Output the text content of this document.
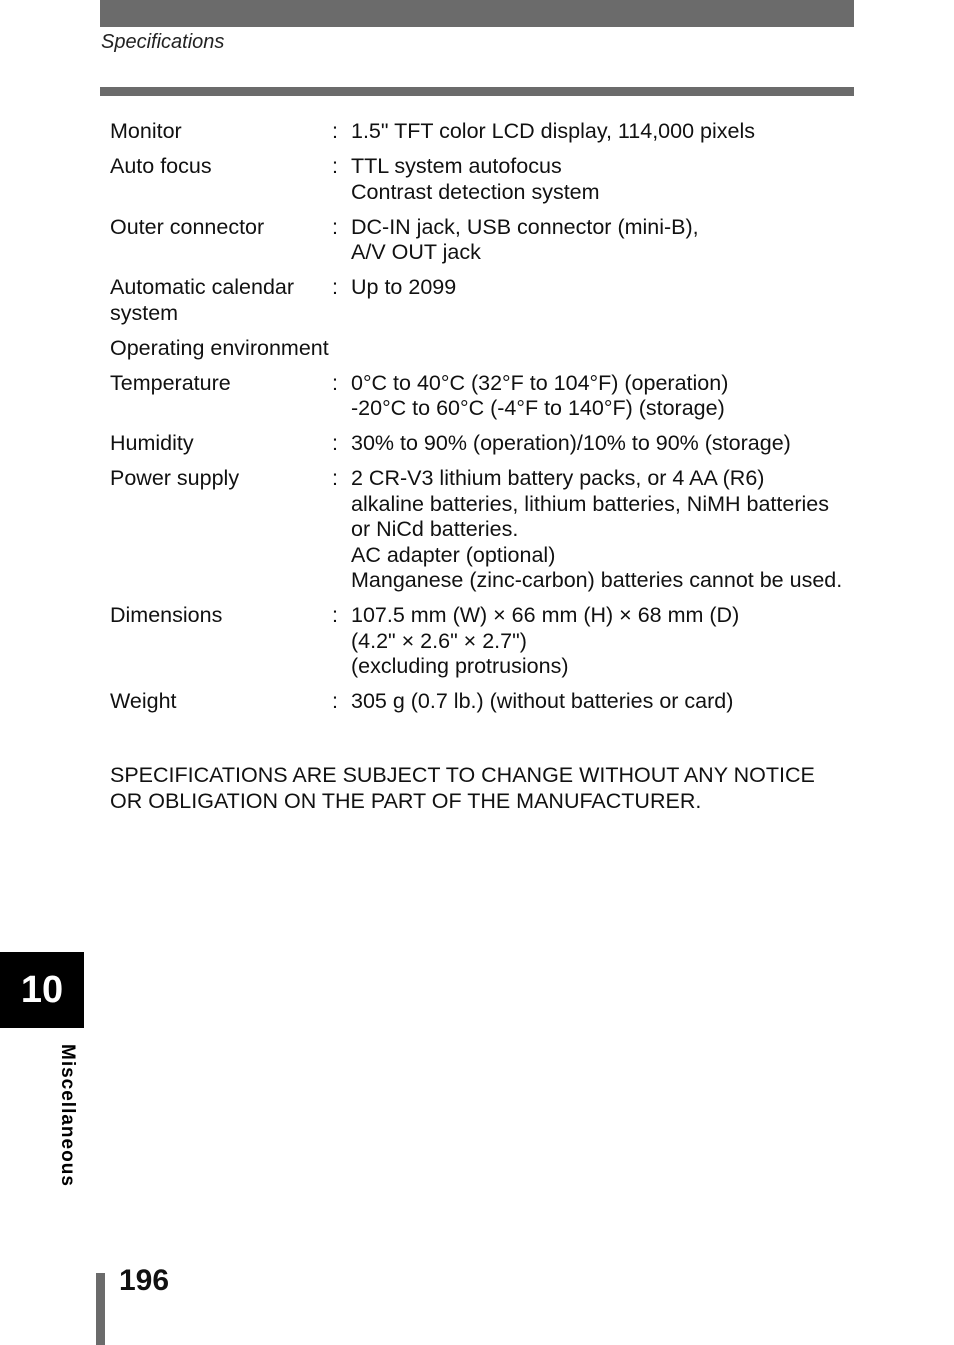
Specifications
Monitor	: 1.5" TFT color LCD display, 114,000 pixels
Auto focus	: TTL system autofocus
Contrast detection system
Outer connector	: DC-IN jack, USB connector (mini-B),
A/V OUT jack
Automatic calendar system
: Up to 2099
Operating environment
Temperature	: 0°C to 40°C (32°F to 104°F) (operation)
-20°C to 60°C (-4°F to 140°F) (storage)
Humidity	: 30% to 90% (operation)/10% to 90% (storage)
Power supply	: 2 CR-V3 lithium battery packs, or 4 AA (R6)
alkaline batteries, lithium batteries, NiMH batteries
or NiCd batteries.
AC adapter (optional)
Manganese (zinc-carbon) batteries cannot be used.
Dimensions	: 107.5 mm (W) × 66 mm (H) × 68 mm (D)
(4.2" × 2.6" × 2.7")
(excluding protrusions)
Weight	: 305 g (0.7 lb.) (without batteries or card)
SPECIFICATIONS ARE SUBJECT TO CHANGE WITHOUT ANY NOTICE
OR OBLIGATION ON THE PART OF THE MANUFACTURER.
10
Miscellaneous
196
